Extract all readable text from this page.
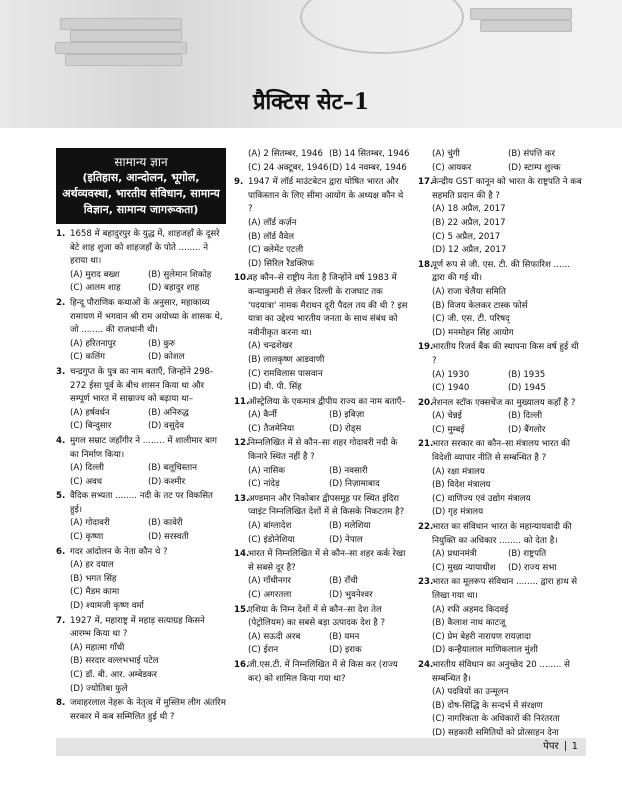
प्रैक्टिस सेट–1
सामान्य ज्ञान
(इतिहास, आन्दोलन, भूगोल, अर्थव्यवस्था, भारतीय संविधान, सामान्य विज्ञान, सामान्य जागरूकता)
1. 1658 में बहादुरपुर के युद्ध में, शाहजहाँ के दूसरे बेटे शाह शुजा को शाहजहाँ के पोते ........ ने हराया था।
(A) मुराद बख्श	(B) सुलेमान शिकोह
(C) आलम शाह	(D) बहादुर शाह
2. हिन्दू पौराणिक कथाओं के अनुसार, महाकाव्य रामायण में भगवान श्री राम अयोध्या के शासक थे, जो ........ की राजधानी थी।
(A) हरितनापुर	(B) कुरु
(C) कलिंग	(D) कोशल
3. चन्द्रगुप्त के पुत्र का नाम बताएँ, जिन्होंने 298-272 ईसा पूर्व के बीच शासन किया था और सम्पूर्ण भारत में साम्राज्य को बढ़ाया था–
(A) हर्षवर्धन	(B) अनिरुद्ध
(C) बिन्दुसार	(D) वसुदेव
4. मुगल सम्राट जहाँगीर ने ........ में शालीमार बाग का निर्माण किया।
(A) दिल्ली	(B) बलूचिस्तान
(C) अवध	(D) कश्मीर
5. वैदिक सभ्यता ........ नदी के तट पर विकसित हुई।
(A) गोदावरी	(B) कावेरी
(C) कृष्णा	(D) सरस्वती
6. गदर आंदोलन के नेता कौन थे ?
(A) हर दयाल
(B) भगत सिंह
(C) मैडम कामा
(D) श्यामजी कृष्ण वर्मा
7. 1927 में, महाराष्ट्र में महाड़ सत्याग्रह किसने आरम्भ किया था ?
(A) महात्मा गाँधी
(B) सरदार वल्लभभाई पटेल
(C) डॉ. बी. आर. अम्बेडकर
(D) ज्योतिबा फुले
8. जवाहरलाल नेहरू के नेतृत्व में मुस्लिम लीग अंतरिम सरकार में कब सम्मिलित हुई थी ?
(A) 2 सितम्बर, 1946 (B) 14 सितम्बर, 1946
(C) 24 अक्टूबर, 1946 (D) 14 नवम्बर, 1946
9. 1947 में लॉर्ड माउंटबेटन द्वारा घोषित भारत और पाकिस्तान के लिए सीमा आयोग के अध्यक्ष कौन थे ?
(A) लॉर्ड कर्ज़न
(B) लॉर्ड वैवेल
(C) क्लेमेंट एटली
(D) सिरिल रैडक्लिफ
10.
वह कौन–से राष्ट्रीय नेता है जिन्होंने वर्ष 1983 में कन्याकुमारी से लेकर दिल्ली के राजघाट तक 'पदयात्रा' नामक मैराथन दूरी पैदल तय की थी ? इस यात्रा का उद्देश्य भारतीय जनता के साथ संबंध को नवीनीकृत करना था।
(A) चन्द्रशेखर
(B) लालकृष्ण आडवाणी
(C) रामविलास पासवान
(D) वी. पी. सिंह
11.
ऑस्ट्रेलिया के एकमात्र द्वीपीय राज्य का नाम बताएँ–
(A) कैर्नी	(B) इबिज़ा
(C) तैजमेनिया	(D) रोड्स
12.
निम्नलिखित में से कौन–सा शहर गोदावरी नदी के किनारे स्थित नहीं है ?
(A) नासिक	(B) नवसारी
(C) नांदेड़	(D) निज़ामाबाद
13.
अण्डमान और निकोबार द्वीपसमूह पर स्थित इंदिरा प्वाइंट निम्नलिखित देशों में से किसके निकटतम है?
(A) बांग्लादेश	(B) मलेशिया
(C) इंडोनेशिया	(D) नेपाल
14.
भारत में निम्नलिखित में से कौन–सा शहर कर्क रेखा से सबसे दूर है?
(A) गाँधीनगर	(B) राँची
(C) अगरतला	(D) भुवनेश्वर
15.
एशिया के निम्न देशों में से कौन–सा देश तेल (पेट्रोलियम) का सबसे बड़ा उत्पादक देश है ?
(A) सऊदी अरब	(B) यमन
(C) ईरान	(D) इराक
16.
जी.एस.टी. में निम्नलिखित में से किस कर (राज्य कर) को शामिल किया गया था?
(A) चुंगी	(B) संपत्ति कर
(C) आयकर	(D) स्टाम्प शुल्क
17.
केन्द्रीय GST कानून को भारत के राष्ट्रपति ने कब सहमति प्रदान की है ?
(A) 18 अप्रैल, 2017
(B) 22 अप्रैल, 2017
(C) 5 अप्रैल, 2017
(D) 12 अप्रैल, 2017
18.
पूर्ण रूप से जी. एस. टी. की सिफारिश ...... द्वारा की गई थी।
(A) राजा चेलैया समिति
(B) विजय केलकर टास्क फोर्स
(C) जी. एस. टी. परिषद्
(D) मनमोहन सिंह आयोग
19.
भारतीय रिजर्व बैंक की स्थापना किस वर्ष हुई थी ?
(A) 1930	(B) 1935
(C) 1940	(D) 1945
20.
नेशनल स्टॉक एक्सचेंज का मुख्यालय कहाँ है ?
(A) चेन्नई	(B) दिल्ली
(C) मुम्बई	(D) बैंगलोर
21.
भारत सरकार का कौन–सा मंत्रालय भारत की विदेशी व्यापार नीति से सम्बन्धित है ?
(A) रक्षा मंत्रालय
(B) विदेश मंत्रालय
(C) वाणिज्य एवं उद्योग मंत्रालय
(D) गृह मंत्रालय
22.
भारत का संविधान भारत के महान्यायवादी की नियुक्ति का अधिकार ........ को देता है।
(A) प्रधानमंत्री	(B) राष्ट्रपति
(C) मुख्य न्यायाधीश	(D) राज्य सभा
23.
भारत का मूलरूप संविधान ........ द्वारा हाथ से लिखा गया था।
(A) रफी अहमद किदवई
(B) कैलाश नाथ काटजू
(C) प्रेम बेहरी नारायण रायज़ादा
(D) कन्हैयालाल माणिकलाल मुंशी
24.
भारतीय संविधान का अनुच्छेद 20 ........ से सम्बन्धित है।
(A) पदवियों का उन्मूलन
(B) दोष-सिद्धि के सन्दर्भ में संरक्षण
(C) नागरिकता के अधिकारों की निरंतरता
(D) सहकारी समितियों को प्रोत्साहन देना
पेपर 1
